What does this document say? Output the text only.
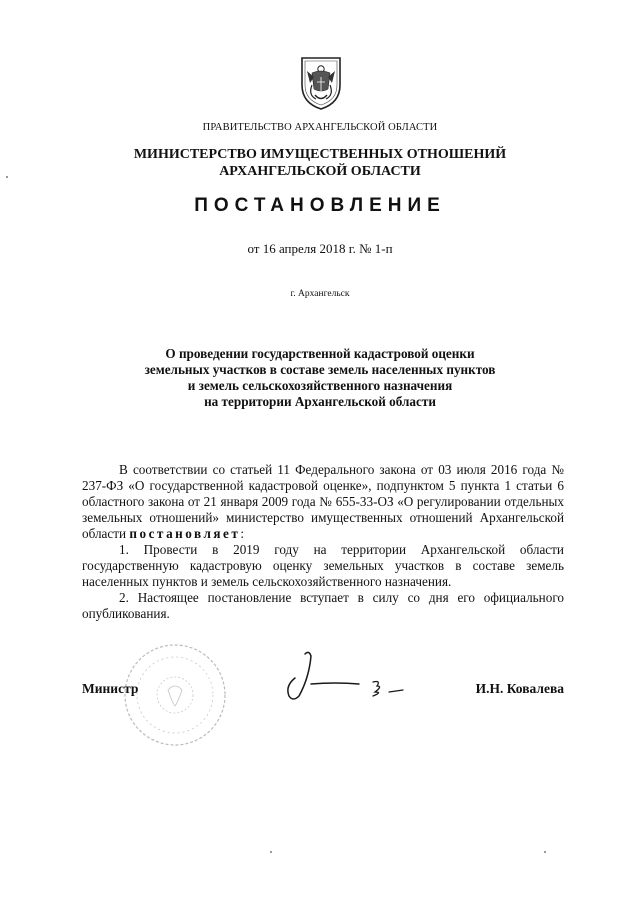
ПРАВИТЕЛЬСТВО АРХАНГЕЛЬСКОЙ ОБЛАСТИ
МИНИСТЕРСТВО ИМУЩЕСТВЕННЫХ ОТНОШЕНИЙ
АРХАНГЕЛЬСКОЙ ОБЛАСТИ
ПОСТАНОВЛЕНИЕ
от 16 апреля 2018 г. № 1-п
г. Архангельск
О проведении государственной кадастровой оценки
земельных участков в составе земель населенных пунктов
и земель сельскохозяйственного назначения
на территории Архангельской области

В соответствии со статьей 11 Федерального закона от 03 июля 2016 года № 237-ФЗ «О государственной кадастровой оценке», подпунктом 5 пункта 1 статьи 6 областного закона от 21 января 2009 года № 655-33-ОЗ «О регулировании отдельных земельных отношений» министерство имущественных отношений Архангельской области постановляет:

1. Провести в 2019 году на территории Архангельской области государственную кадастровую оценку земельных участков в составе земель населенных пунктов и земель сельскохозяйственного назначения.

2. Настоящее постановление вступает в силу со дня его официального опубликования.

Министр	И.Н. Ковалева
